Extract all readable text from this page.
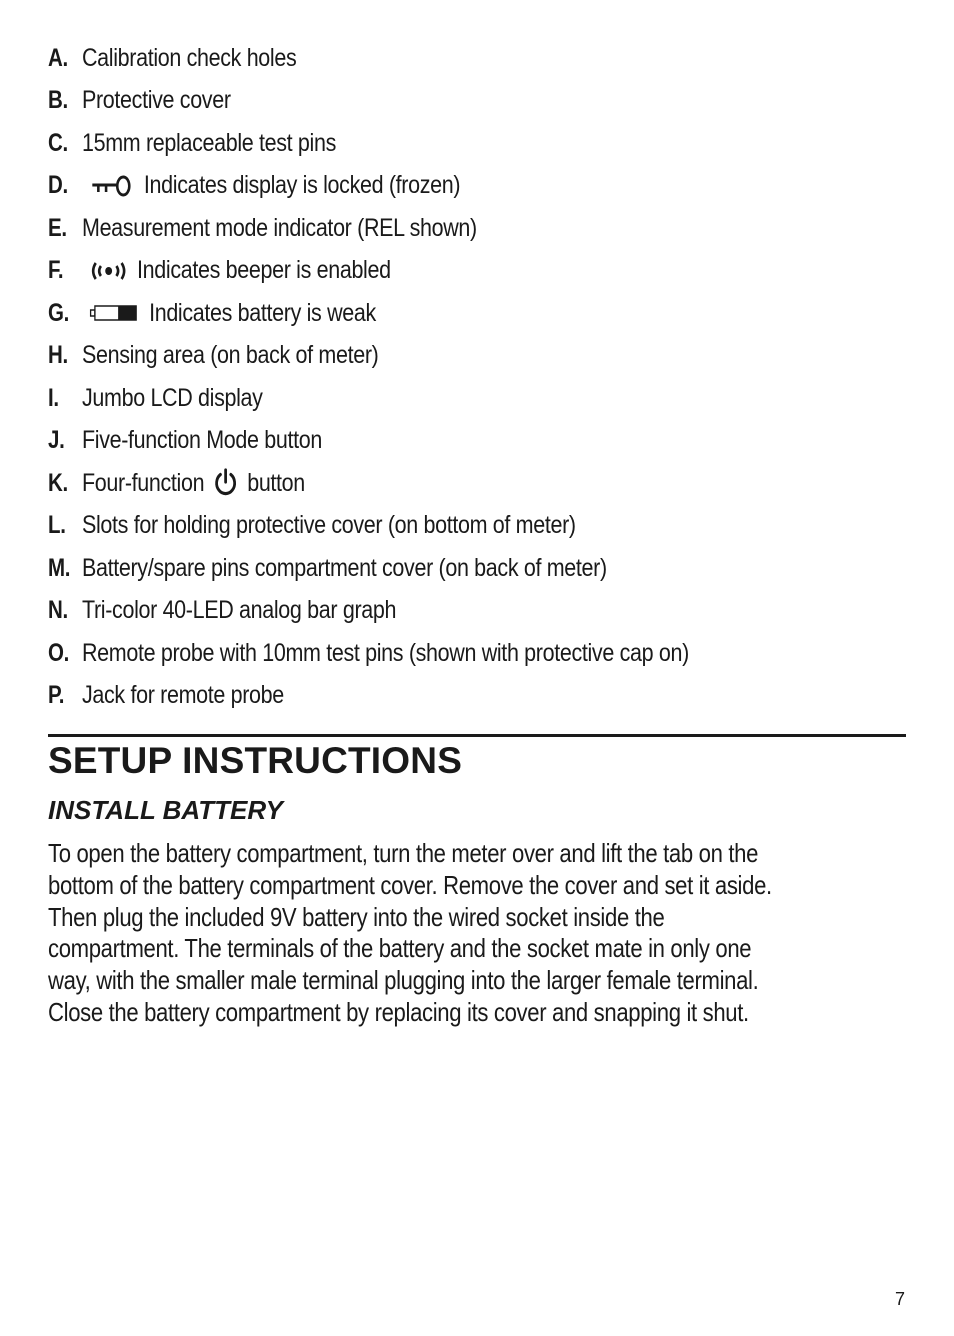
A. Calibration check holes
B. Protective cover
C. 15mm replaceable test pins
D.	Indicates display is locked (frozen)
E. Measurement mode indicator (REL shown)
F.	Indicates beeper is enabled
G.	Indicates battery is weak
H. Sensing area (on back of meter)
I. Jumbo LCD display
J. Five-function Mode button
K. Four-function button
L. Slots for holding protective cover (on bottom of meter)
M. Battery/spare pins compartment cover (on back of meter)
N. Tri-color 40-LED analog bar graph
O. Remote probe with 10mm test pins (shown with protective cap on)
P. Jack for remote probe
SETUP INSTRUCTIONS
INSTALL BATTERY
To open the battery compartment, turn the meter over and lift the tab on the
bottom of the battery compartment cover. Remove the cover and set it aside.
Then plug the included 9V battery into the wired socket inside the
compartment. The terminals of the battery and the socket mate in only one
way, with the smaller male terminal plugging into the larger female terminal.
Close the battery compartment by replacing its cover and snapping it shut.
7
